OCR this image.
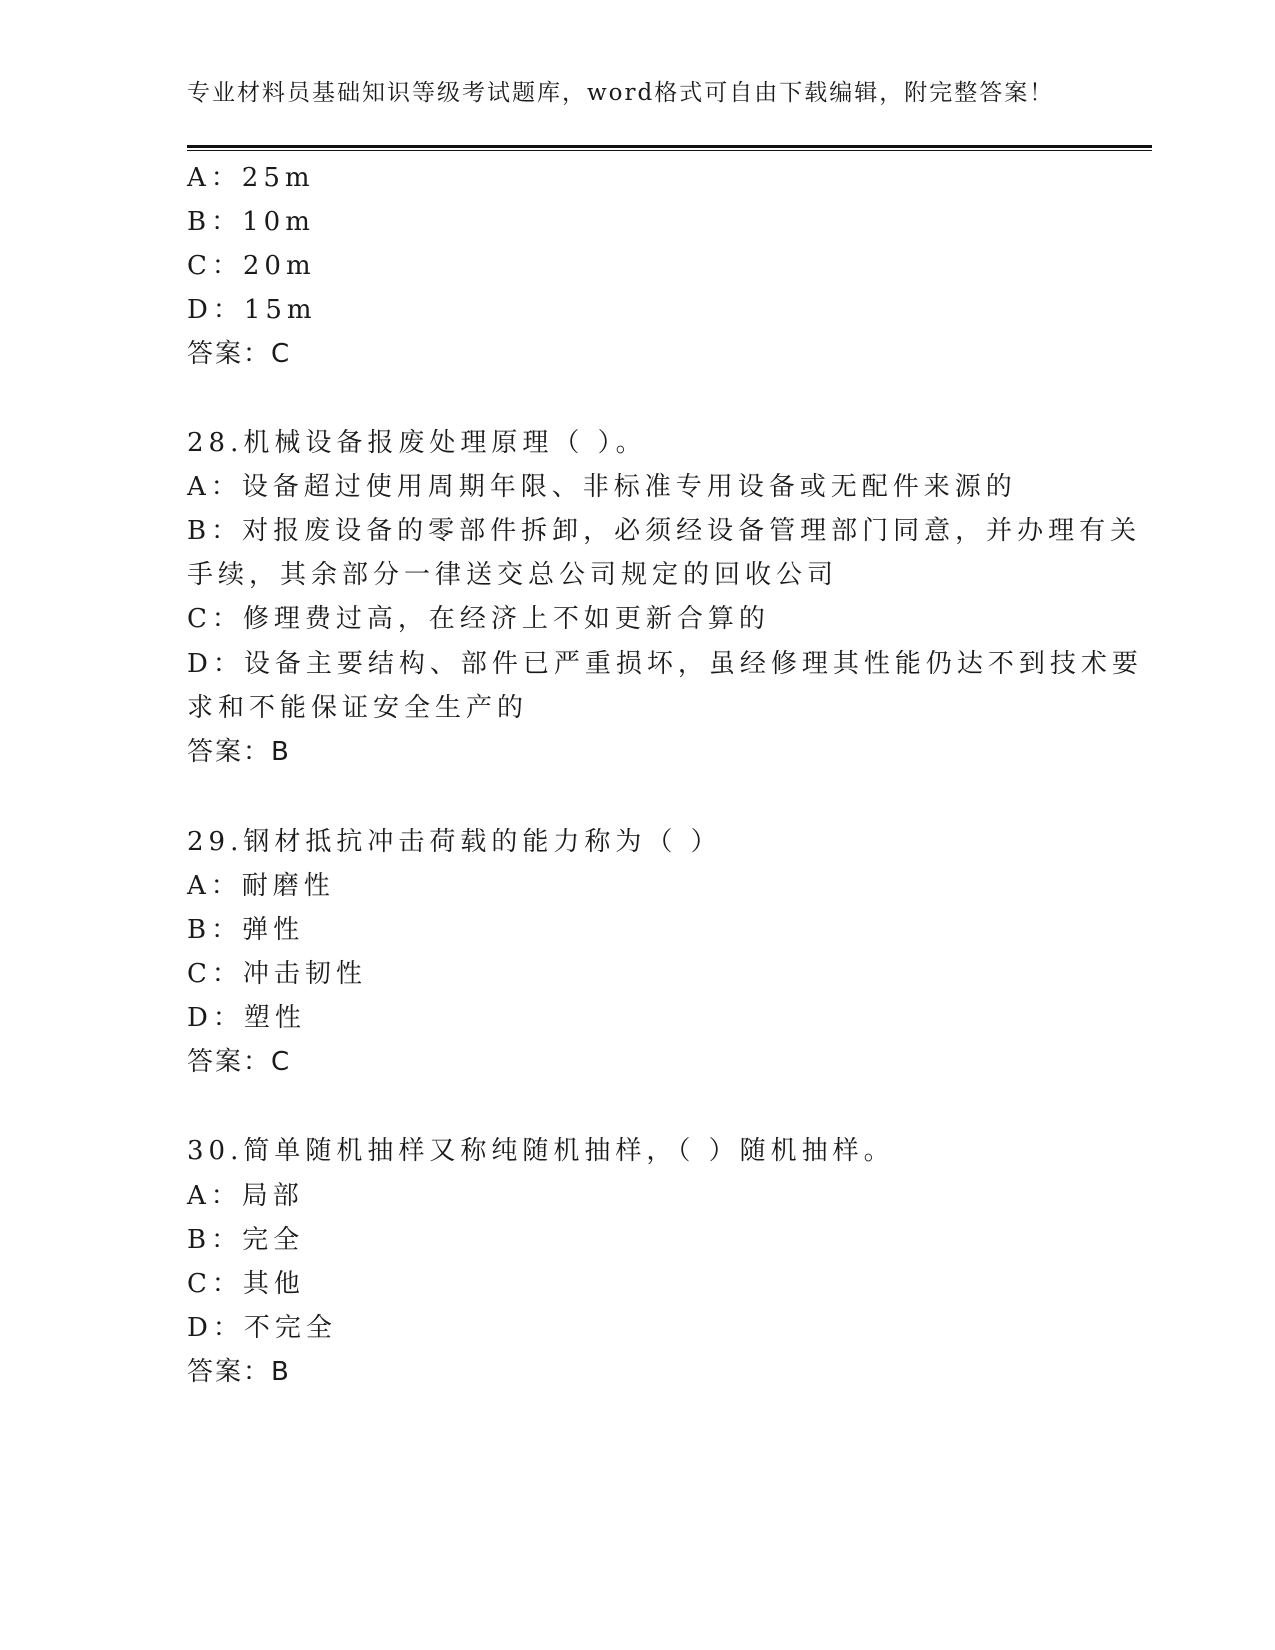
专业材料员基础知识等级考试题库，word格式可自由下载编辑，附完整答案！
A：25m
B：10m
C：20m
D：15m
答案：C
28.机械设备报废处理原理（ ）。
A：设备超过使用周期年限、非标准专用设备或无配件来源的
B：对报废设备的零部件拆卸，必须经设备管理部门同意，并办理有关
手续，其余部分一律送交总公司规定的回收公司
C：修理费过高，在经济上不如更新合算的
D：设备主要结构、部件已严重损坏，虽经修理其性能仍达不到技术要
求和不能保证安全生产的
答案：B
29.钢材抵抗冲击荷载的能力称为（ ）
A：耐磨性
B：弹性
C：冲击韧性
D：塑性
答案：C
30.简单随机抽样又称纯随机抽样，（ ）随机抽样。
A：局部
B：完全
C：其他
D：不完全
答案：B
